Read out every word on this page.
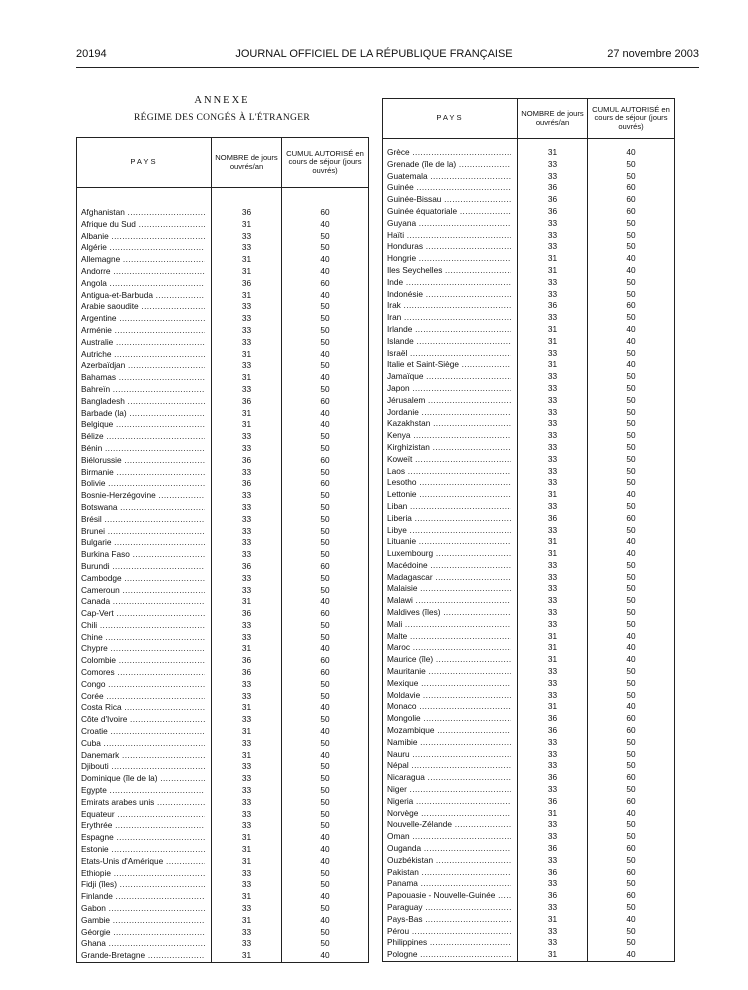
20194	JOURNAL OFFICIEL DE LA RÉPUBLIQUE FRANÇAISE	27 novembre 2003
ANNEXE
RÉGIME DES CONGÉS À L'ÉTRANGER
PAYS	NOMBRE de jours ouvrés/an	CUMUL AUTORISÉ en cours de séjour (jours ouvrés)

Afghanistan .....	36	60

Afrique du Sud .....	31	40

Albanie .....	33	50

Algérie .....	33	50

Allemagne .....	31	40

Andorre .....	31	40

Angola .....	36	60

Antigua-et-Barbuda .....	31	40

Arabie saoudite .....	33	50

Argentine .....	33	50

Arménie .....	33	50

Australie .....	33	50

Autriche .....	31	40

Azerbaïdjan .....	33	50

Bahamas .....	31	40

Bahreïn .....	33	50

Bangladesh .....	36	60

Barbade (la) .....	31	40

Belgique .....	31	40

Bélize .....	33	50

Bénin .....	33	50

Biélorussie .....	36	60

Birmanie .....	33	50

Bolivie .....	36	60

Bosnie-Herzégovine .....	33	50

Botswana .....	33	50

Brésil .....	33	50

Brunei .....	33	50

Bulgarie .....	33	50

Burkina Faso .....	33	50

Burundi .....	36	60

Cambodge .....	33	50

Cameroun .....	33	50

Canada .....	31	40

Cap-Vert .....	36	60

Chili .....	33	50

Chine .....	33	50

Chypre .....	31	40

Colombie .....	36	60

Comores .....	36	60

Congo .....	33	50

Corée .....	33	50

Costa Rica .....	31	40

Côte d'Ivoire .....	33	50

Croatie .....	31	40

Cuba .....	33	50

Danemark .....	31	40

Djibouti .....	33	50

Dominique (île de la) .....	33	50

Egypte .....	33	50

Emirats arabes unis .....	33	50

Equateur .....	33	50

Erythrée .....	33	50

Espagne .....	31	40

Estonie .....	31	40

Etats-Unis d'Amérique .....	31	40

Ethiopie .....	33	50

Fidji (îles) .....	33	50

Finlande .....	31	40

Gabon .....	33	50

Gambie .....	31	40

Géorgie .....	33	50

Ghana .....	33	50

Grande-Bretagne .....	31	40
PAYS	NOMBRE de jours ouvrés/an	CUMUL AUTORISÉ en cours de séjour (jours ouvrés)

Grèce .....	31	40

Grenade (île de la) .....	33	50

Guatemala .....	33	50

Guinée .....	36	60

Guinée-Bissau .....	36	60

Guinée équatoriale .....	36	60

Guyana .....	33	50

Haïti .....	33	50

Honduras .....	33	50

Hongrie .....	31	40

Iles Seychelles .....	31	40

Inde .....	33	50

Indonésie .....	33	50

Irak .....	36	60

Iran .....	33	50

Irlande .....	31	40

Islande .....	31	40

Israël .....	33	50

Italie et Saint-Siège .....	31	40

Jamaïque .....	33	50

Japon .....	33	50

Jérusalem .....	33	50

Jordanie .....	33	50

Kazakhstan .....	33	50

Kenya .....	33	50

Kirghizistan .....	33	50

Koweït .....	33	50

Laos .....	33	50

Lesotho .....	33	50

Lettonie .....	31	40

Liban .....	33	50

Liberia .....	36	60

Libye .....	33	50

Lituanie .....	31	40

Luxembourg .....	31	40

Macédoine .....	33	50

Madagascar .....	33	50

Malaisie .....	33	50

Malawi .....	33	50

Maldives (îles) .....	33	50

Mali .....	33	50

Malte .....	31	40

Maroc .....	31	40

Maurice (île) .....	31	40

Mauritanie .....	33	50

Mexique .....	33	50

Moldavie .....	33	50

Monaco .....	31	40

Mongolie .....	36	60

Mozambique .....	36	60

Namibie .....	33	50

Nauru .....	33	50

Népal .....	33	50

Nicaragua .....	36	60

Niger .....	33	50

Nigeria .....	36	60

Norvège .....	31	40

Nouvelle-Zélande .....	33	50

Oman .....	33	50

Ouganda .....	36	60

Ouzbékistan .....	33	50

Pakistan .....	36	60

Panama .....	33	50

Papouasie - Nouvelle-Guinée .....	36	60

Paraguay .....	33	50

Pays-Bas .....	31	40

Pérou .....	33	50

Philippines .....	33	50

Pologne .....	31	40
